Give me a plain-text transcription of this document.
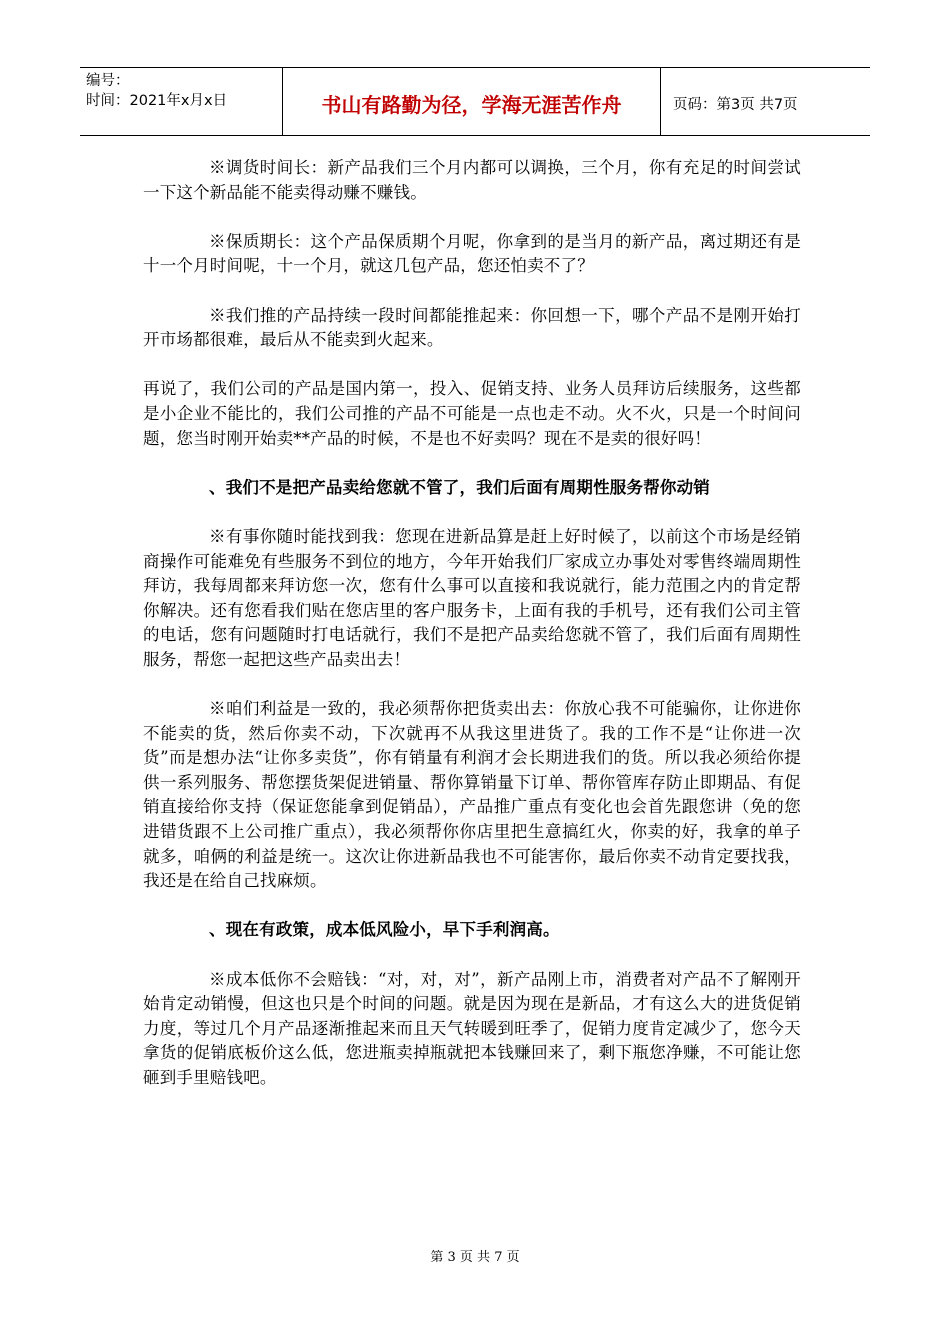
编号：
时间：2021年x月x日	书山有路勤为径，学海无涯苦作舟	页码：第3页 共7页

※调货时间长：新产品我们三个月内都可以调换，三个月，你有充足的时间尝试一下这个新品能不能卖得动赚不赚钱。

※保质期长：这个产品保质期个月呢，你拿到的是当月的新产品，离过期还有是十一个月时间呢，十一个月，就这几包产品，您还怕卖不了？

※我们推的产品持续一段时间都能推起来：你回想一下，哪个产品不是刚开始打开市场都很难，最后从不能卖到火起来。

再说了，我们公司的产品是国内第一，投入、促销支持、业务人员拜访后续服务，这些都是小企业不能比的，我们公司推的产品不可能是一点也走不动。火不火，只是一个时间问题，您当时刚开始卖**产品的时候，不是也不好卖吗？现在不是卖的很好吗！

、我们不是把产品卖给您就不管了，我们后面有周期性服务帮你动销

※有事你随时能找到我：您现在进新品算是赶上好时候了，以前这个市场是经销商操作可能难免有些服务不到位的地方，今年开始我们厂家成立办事处对零售终端周期性拜访，我每周都来拜访您一次，您有什么事可以直接和我说就行，能力范围之内的肯定帮你解决。还有您看我们贴在您店里的客户服务卡，上面有我的手机号，还有我们公司主管的电话，您有问题随时打电话就行，我们不是把产品卖给您就不管了，我们后面有周期性服务，帮您一起把这些产品卖出去！

※咱们利益是一致的，我必须帮你把货卖出去：你放心我不可能骗你，让你进你不能卖的货，然后你卖不动，下次就再不从我这里进货了。我的工作不是“让你进一次货”而是想办法“让你多卖货”，你有销量有利润才会长期进我们的货。所以我必须给你提供一系列服务、帮您摆货架促进销量、帮你算销量下订单、帮你管库存防止即期品、有促销直接给你支持（保证您能拿到促销品），产品推广重点有变化也会首先跟您讲（免的您进错货跟不上公司推广重点），我必须帮你你店里把生意搞红火，你卖的好，我拿的单子就多，咱俩的利益是统一。这次让你进新品我也不可能害你，最后你卖不动肯定要找我，我还是在给自己找麻烦。

、现在有政策，成本低风险小，早下手利润高。

※成本低你不会赔钱：“对，对，对”，新产品刚上市，消费者对产品不了解刚开始肯定动销慢，但这也只是个时间的问题。就是因为现在是新品，才有这么大的进货促销力度，等过几个月产品逐渐推起来而且天气转暖到旺季了，促销力度肯定减少了，您今天拿货的促销底板价这么低，您进瓶卖掉瓶就把本钱赚回来了，剩下瓶您净赚，不可能让您砸到手里赔钱吧。

第 3 页 共 7 页
